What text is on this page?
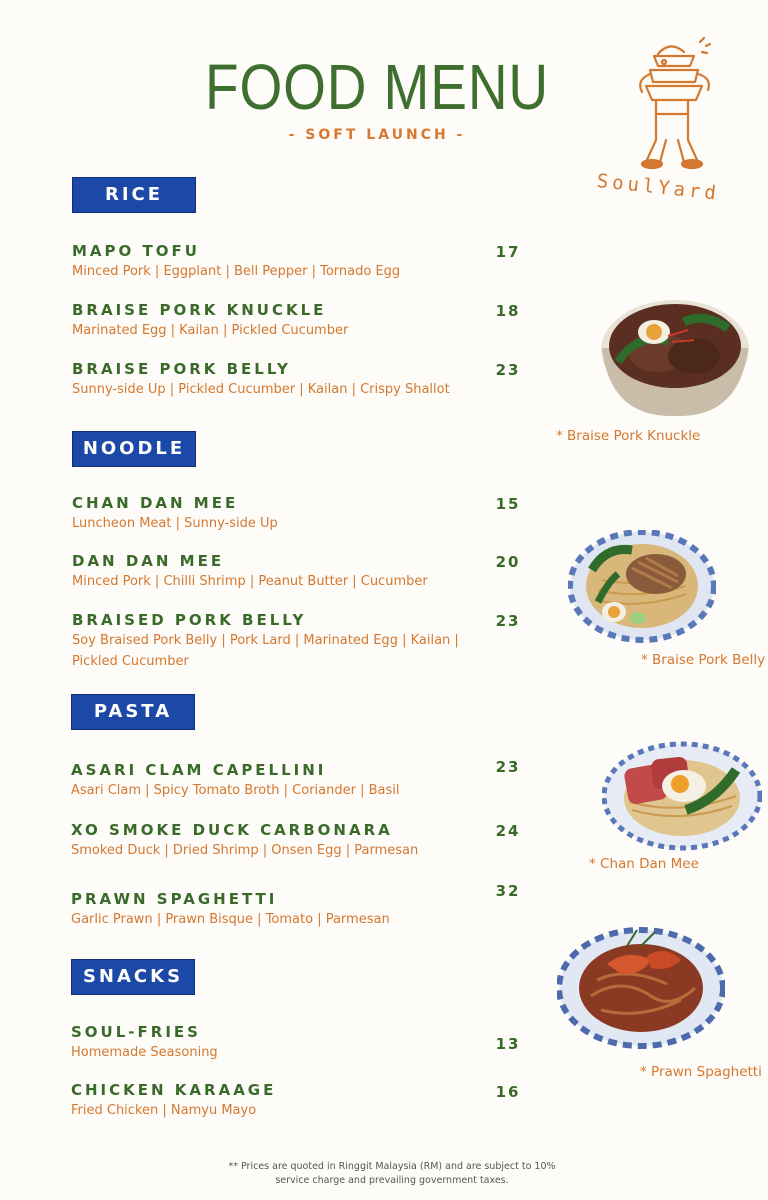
FOOD MENU
- SOFT LAUNCH -
SoulYard
RICE
MAPO TOFU
Minced Pork | Eggplant | Bell Pepper | Tornado Egg
17
BRAISE PORK KNUCKLE
Marinated Egg | Kailan | Pickled Cucumber
18
BRAISE PORK BELLY
Sunny-side Up | Pickled Cucumber | Kailan | Crispy Shallot
23
NOODLE
CHAN DAN MEE
Luncheon Meat | Sunny-side Up
15
DAN DAN MEE
Minced Pork | Chilli Shrimp | Peanut Butter | Cucumber
20
BRAISED PORK BELLY
Soy Braised Pork Belly | Pork Lard | Marinated Egg | Kailan | Pickled Cucumber
23
PASTA
ASARI CLAM CAPELLINI
Asari Clam | Spicy Tomato Broth | Coriander | Basil
23
XO SMOKE DUCK CARBONARA
Smoked Duck | Dried Shrimp | Onsen Egg | Parmesan
24
PRAWN SPAGHETTI
Garlic Prawn | Prawn Bisque | Tomato | Parmesan
32
SNACKS
SOUL-FRIES
Homemade Seasoning	13
CHICKEN KARAAGE
Fried Chicken | Namyu Mayo
16
* Braise Pork Knuckle
* Braise Pork Belly
* Chan Dan Mee
* Prawn Spaghetti
** Prices are quoted in Ringgit Malaysia (RM) and are subject to 10%
service charge and prevailing government taxes.
